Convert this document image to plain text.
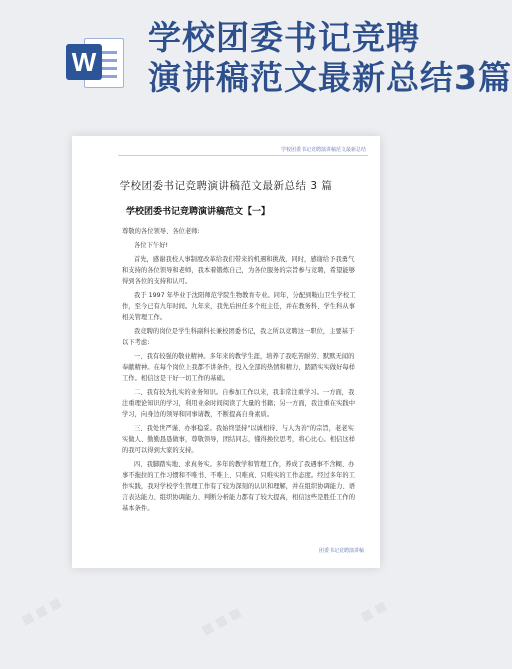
W
学校团委书记竞聘
演讲稿范文最新总结3篇
学校团委书记竞聘演讲稿范文最新总结
学校团委书记竞聘演讲稿范文最新总结 3 篇
学校团委书记竞聘演讲稿范文【一】

尊敬的各位领导、各位老师:

各位下午好!

首先，感谢我校人事制度改革给我们带来的机遇和挑战，同时，感谢给予我勇气和支持的各位领导和老师，我本着锻炼自己，为各位服务的宗旨参与竞聘，希望能够得到各位的支持和认可。

我于 1997 年毕业于沈阳师范学院生物教育专业。同年，分配到鞍山卫生学校工作，至今已有九年时间。九年来，我先后担任多个班主任，并在教务科、学生科从事相关管理工作。

我竞聘的岗位是学生科副科长兼校团委书记，我之所以竞聘这一职位，主要基于以下考虑:

一、我有较强的敬业精神。多年来的教学生涯，培养了我吃苦耐劳、默默无闻的奉献精神。在每个岗位上我都不讲条件，投入全部的热情和精力，踏踏实实做好每样工作。相信这是干好一切工作的基础。

二、我有较为扎实的业务知识。自参加工作以来，我非常注重学习。一方面，我注重理论知识的学习，利用业余时间阅读了大量的书籍；另一方面，我注重在实践中学习，向身边的领导和同事请教，不断提高自身素质。

三、我处世严谨、办事稳妥。我始终坚持"以诚相待、与人为善"的宗旨，老老实实做人、勤勤恳恳做事，尊敬领导，团结同志，懂得换位思考，将心比心。相信这样的我可以得到大家的支持。

四、我脚踏实地、求真务实。多年的教学和管理工作，养成了我遇事不含糊、办事不拖拉的工作习惯和不唯书、不唯上、只唯真、只唯实的工作态度。经过多年的工作实践，我对学校学生管理工作有了较为深刻的认识和理解，并在组织协调能力、语言表达能力、组织协调能力、判断分析能力都有了较大提高，相信这些是胜任工作的基本条件。

团委书记竞聘演讲稿
▦ ▦ ▦	▦ ▦ ▦	▦ ▦
